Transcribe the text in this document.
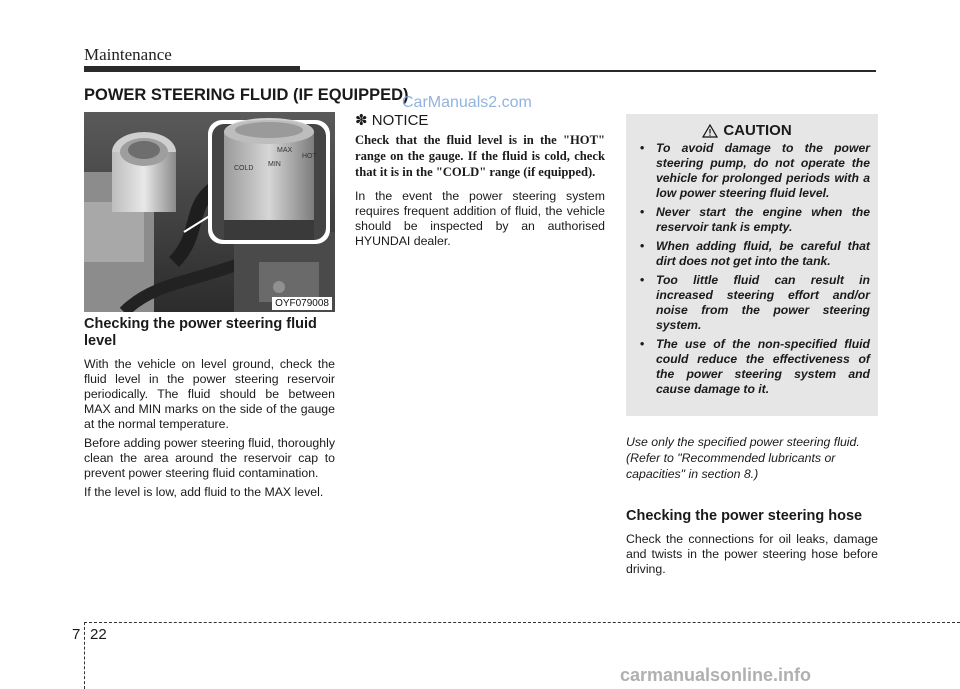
Maintenance
POWER STEERING FLUID (IF EQUIPPED)
CarManuals2.com
MAX
MIN
HOT
COLD
OYF079008
Checking the power steering fluid level

With the vehicle on level ground, check the fluid level in the power steering reservoir periodically. The fluid should be between MAX and MIN marks on the side of the gauge at the normal temperature.

Before adding power steering fluid, thoroughly clean the area around the reservoir cap to prevent power steering fluid contamination.

If the level is low, add fluid to the MAX level.

✽ NOTICE

Check that the fluid level is in the "HOT" range on the gauge. If the fluid is cold, check that it is in the "COLD" range (if equipped).

In the event the power steering system requires frequent addition of fluid, the vehicle should be inspected by an authorised HYUNDAI dealer.

CAUTION
• To avoid damage to the power steering pump, do not operate the vehicle for prolonged periods with a low power steering fluid level.
• Never start the engine when the reservoir tank is empty.
• When adding fluid, be careful that dirt does not get into the tank.
• Too little fluid can result in increased steering effort and/or noise from the power steering system.
• The use of the non-specified fluid could reduce the effectiveness of the power steering system and cause damage to it.

Use only the specified power steering fluid. (Refer to "Recommended lubricants or capacities" in section 8.)

Checking the power steering hose

Check the connections for oil leaks, damage and twists in the power steering hose before driving.

7 22
carmanualsonline.info
